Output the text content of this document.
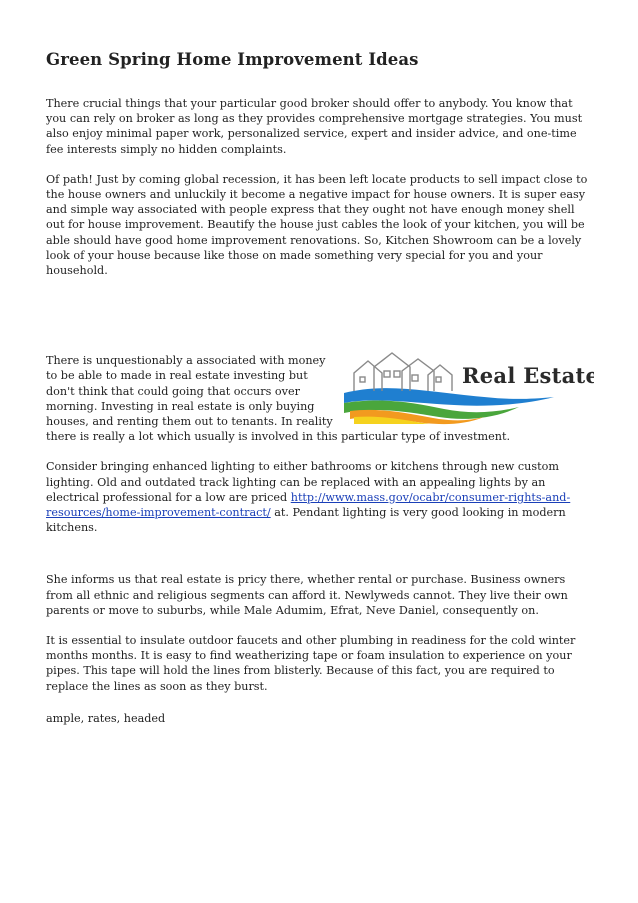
Green Spring Home Improvement Ideas

There crucial things that your particular good broker should offer to anybody. You know that you can rely on broker as long as they provides comprehensive mortgage strategies. You must also enjoy minimal paper work, personalized service, expert and insider advice, and one-time fee interests simply no hidden complaints.

Of path! Just by coming global recession, it has been left locate products to sell impact close to the house owners and unluckily it become a negative impact for house owners. It is super easy and simple way associated with people express that they ought not have enough money shell out for house improvement. Beautify the house just cables the look of your kitchen, you will be able should have good home improvement renovations. So, Kitchen Showroom can be a lovely look of your house because like those on made something very special for you and your household.

Real Estate

There is unquestionably a associated with money to be able to made in real estate investing but don't think that could going that occurs over morning. Investing in real estate is only buying houses, and renting them out to tenants. In reality there is really a lot which usually is involved in this particular type of investment.

Consider bringing enhanced lighting to either bathrooms or kitchens through new custom lighting. Old and outdated track lighting can be replaced with an appealing lights by an electrical professional for a low are priced http://www.mass.gov/ocabr/consumer-rights-and-resources/home-improvement-contract/ at. Pendant lighting is very good looking in modern kitchens.

She informs us that real estate is pricy there, whether rental or purchase. Business owners from all ethnic and religious segments can afford it. Newlyweds cannot. They live their own parents or move to suburbs, while Male Adumim, Efrat, Neve Daniel, consequently on.

It is essential to insulate outdoor faucets and other plumbing in readiness for the cold winter months months. It is easy to find weatherizing tape or foam insulation to experience on your pipes. This tape will hold the lines from blisterly. Because of this fact, you are required to replace the lines as soon as they burst.

ample, rates, headed
